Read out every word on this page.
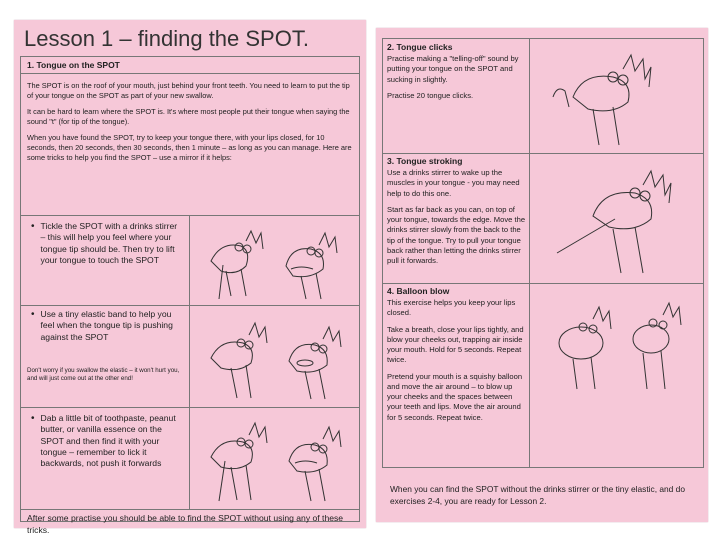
Lesson 1 – finding the SPOT.
1. Tongue on the SPOT

The SPOT is on the roof of your mouth, just behind your front teeth. You need to learn to put the tip of your tongue on the SPOT as part of your new swallow.

It can be hard to learn where the SPOT is. It's where most people put their tongue when saying the sound "t" (for tip of the tongue).

When you have found the SPOT, try to keep your tongue there, with your lips closed, for 10 seconds, then 20 seconds, then 30 seconds, then 1 minute – as long as you can manage. Here are some tricks to help you find the SPOT – use a mirror if it helps:

• Tickle the SPOT with a drinks stirrer – this will help you feel where your tongue tip should be. Then try to lift your tongue to touch the SPOT
• Use a tiny elastic band to help you feel when the tongue tip is pushing against the SPOT
Don't worry if you swallow the elastic – it won't hurt you, and will just come out at the other end!
• Dab a little bit of toothpaste, peanut butter, or vanilla essence on the SPOT and then find it with your tongue – remember to lick it backwards, not push it forwards
After some practise you should be able to find the SPOT without using any of these tricks.
2. Tongue clicks

Practise making a "telling-off" sound by putting your tongue on the SPOT and sucking in slightly.

Practise 20 tongue clicks.

3. Tongue stroking

Use a drinks stirrer to wake up the muscles in your tongue - you may need help to do this one.

Start as far back as you can, on top of your tongue, towards the edge. Move the drinks stirrer slowly from the back to the tip of the tongue. Try to pull your tongue back rather than letting the drinks stirrer pull it forwards.

4. Balloon blow

This exercise helps you keep your lips closed.

Take a breath, close your lips tightly, and blow your cheeks out, trapping air inside your mouth. Hold for 5 seconds. Repeat twice.

Pretend your mouth is a squishy balloon and move the air around – to blow up your cheeks and the spaces between your teeth and lips. Move the air around for 5 seconds. Repeat twice.

When you can find the SPOT without the drinks stirrer or the tiny elastic, and do exercises 2-4, you are ready for Lesson 2.
